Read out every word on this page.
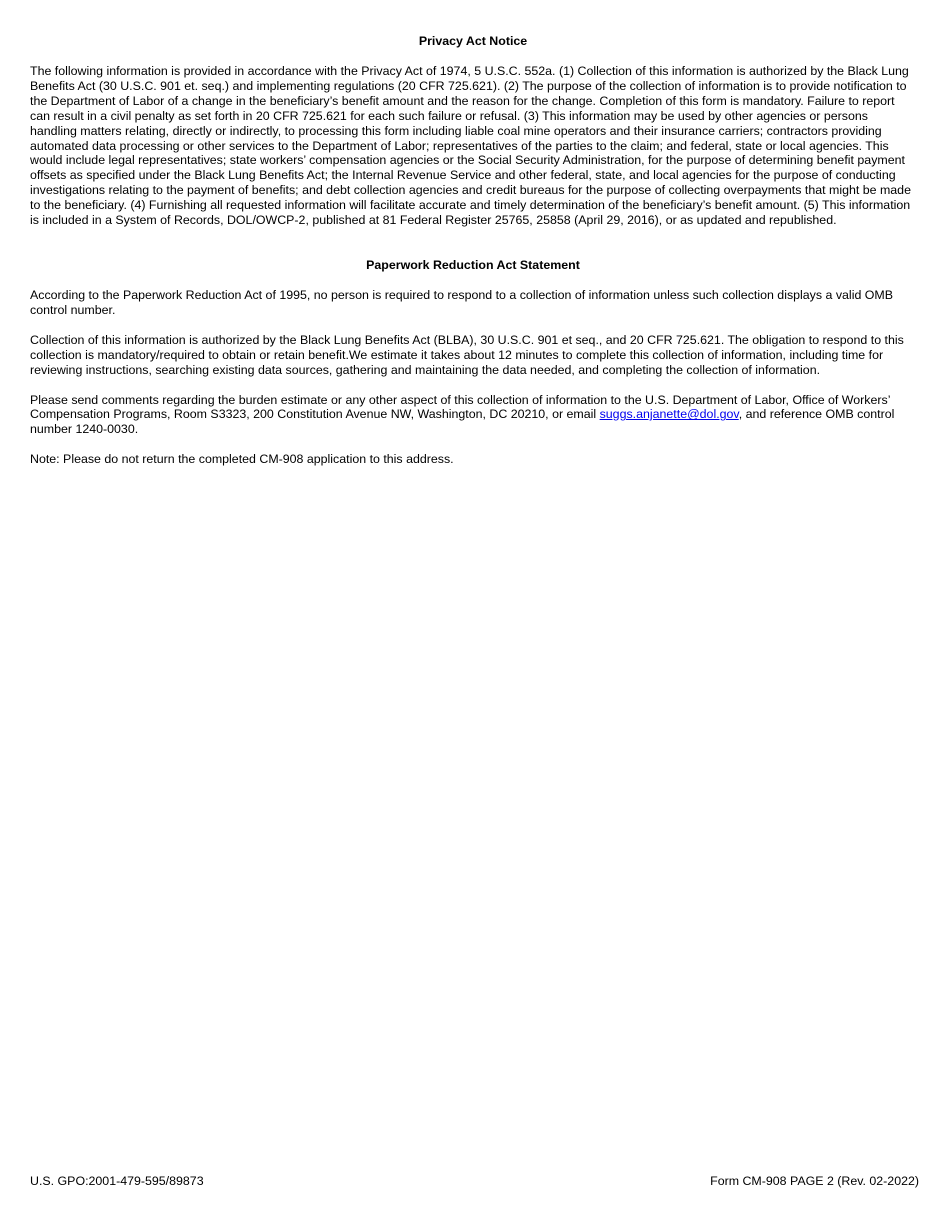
Privacy Act Notice

The following information is provided in accordance with the Privacy Act of 1974, 5 U.S.C. 552a. (1) Collection of this information is authorized by the Black Lung Benefits Act (30 U.S.C. 901 et. seq.) and implementing regulations (20 CFR 725.621). (2) The purpose of the collection of information is to provide notification to the Department of Labor of a change in the beneficiary’s benefit amount and the reason for the change. Completion of this form is mandatory. Failure to report can result in a civil penalty as set forth in 20 CFR 725.621 for each such failure or refusal. (3) This information may be used by other agencies or persons handling matters relating, directly or indirectly, to processing this form including liable coal mine operators and their insurance carriers; contractors providing automated data processing or other services to the Department of Labor; representatives of the parties to the claim; and federal, state or local agencies. This would include legal representatives; state workers’ compensation agencies or the Social Security Administration, for the purpose of determining benefit payment offsets as specified under the Black Lung Benefits Act; the Internal Revenue Service and other federal, state, and local agencies for the purpose of conducting investigations relating to the payment of benefits; and debt collection agencies and credit bureaus for the purpose of collecting overpayments that might be made to the beneficiary. (4) Furnishing all requested information will facilitate accurate and timely determination of the beneficiary’s benefit amount. (5) This information is included in a System of Records, DOL/OWCP-2, published at 81 Federal Register 25765, 25858 (April 29, 2016), or as updated and republished.

Paperwork Reduction Act Statement

According to the Paperwork Reduction Act of 1995, no person is required to respond to a collection of information unless such collection displays a valid OMB control number.

Collection of this information is authorized by the Black Lung Benefits Act (BLBA), 30 U.S.C. 901 et seq., and 20 CFR 725.621. The obligation to respond to this collection is mandatory/required to obtain or retain benefit.We estimate it takes about 12 minutes to complete this collection of information, including time for reviewing instructions, searching existing data sources, gathering and maintaining the data needed, and completing the collection of information.

Please send comments regarding the burden estimate or any other aspect of this collection of information to the U.S. Department of Labor, Office of Workers’ Compensation Programs, Room S3323, 200 Constitution Avenue NW, Washington, DC 20210, or email suggs.anjanette@dol.gov, and reference OMB control number 1240-0030.

Note: Please do not return the completed CM-908 application to this address.

U.S. GPO:2001-479-595/89873	Form CM-908 PAGE 2 (Rev. 02-2022)
